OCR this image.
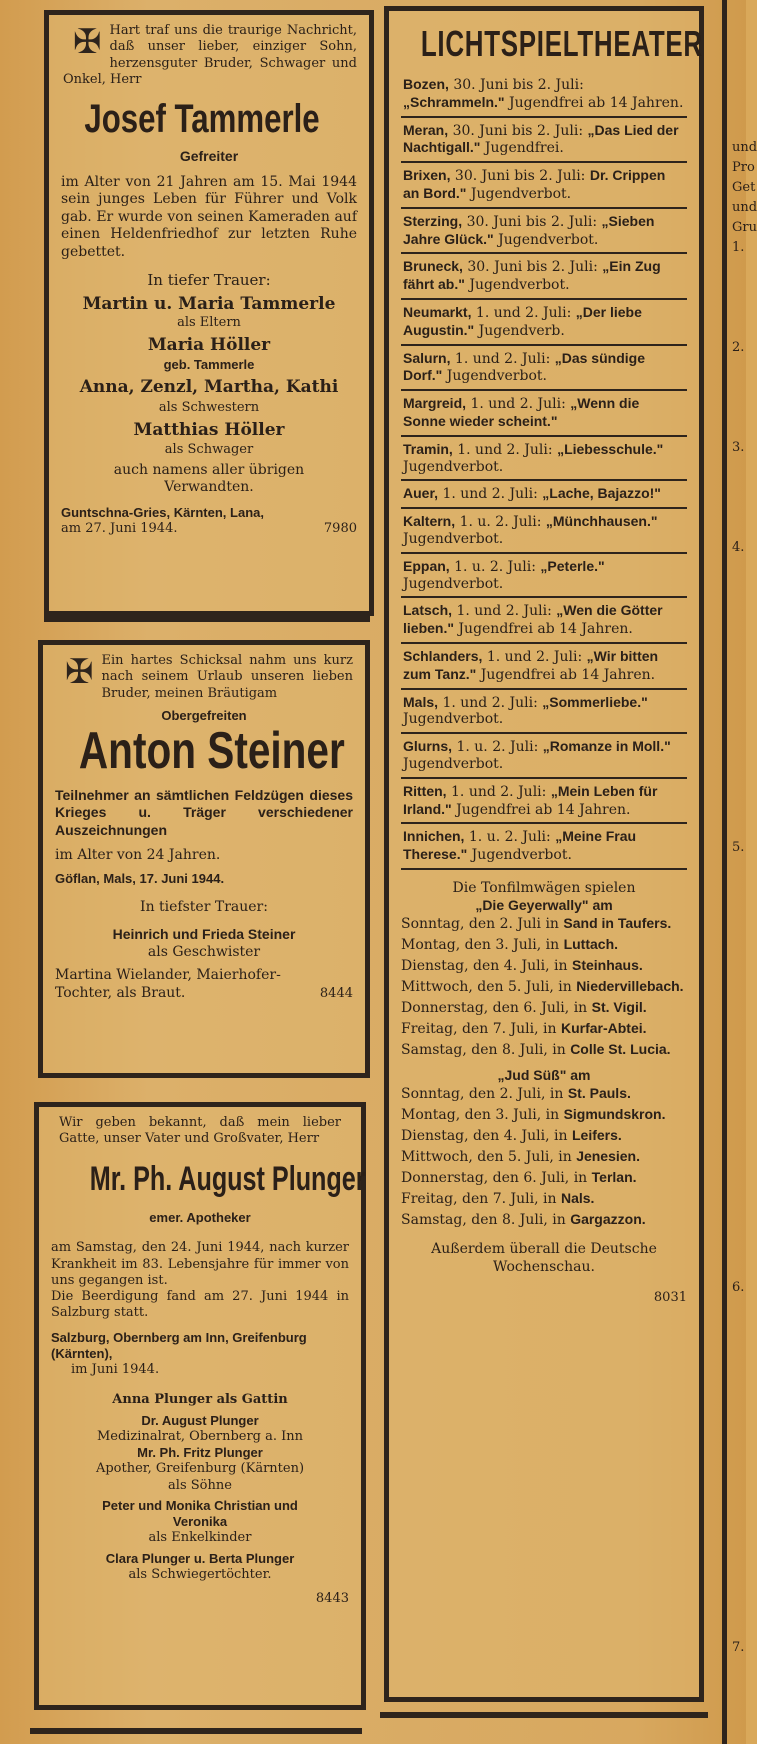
✠ Hart traf uns die traurige Nachricht, daß unser lieber, einziger Sohn, herzensguter Bruder, Schwager und Onkel, Herr
Josef Tammerle
Gefreiter
im Alter von 21 Jahren am 15. Mai 1944 sein junges Leben für Führer und Volk gab. Er wurde von seinen Kameraden auf einen Heldenfriedhof zur letzten Ruhe gebettet.
In tiefer Trauer:
Martin u. Maria Tammerle
als Eltern
Maria Höller
geb. Tammerle
Anna, Zenzl, Martha, Kathi
als Schwestern
Matthias Höller
als Schwager
auch namens aller übrigen Verwandten.
Guntschna-Gries, Kärnten, Lana,
am 27. Juni 1944.	7980
✠ Ein hartes Schicksal nahm uns kurz nach seinem Urlaub unseren lieben Bruder, meinen Bräutigam
Obergefreiten
Anton Steiner
Teilnehmer an sämtlichen Feldzügen dieses Krieges u. Träger verschiedener Auszeichnungen
im Alter von 24 Jahren.
Göflan, Mals, 17. Juni 1944.
In tiefster Trauer:
Heinrich und Frieda Steiner
als Geschwister
Martina Wielander, Maierhofer-Tochter, als Braut.	8444
Wir geben bekannt, daß mein lieber Gatte, unser Vater und Großvater, Herr
Mr. Ph. August Plunger
emer. Apotheker
am Samstag, den 24. Juni 1944, nach kurzer Krankheit im 83. Lebensjahre für immer von uns gegangen ist.
Die Beerdigung fand am 27. Juni 1944 in Salzburg statt.
Salzburg, Obernberg am Inn, Greifenburg (Kärnten),
im Juni 1944.
Anna Plunger als Gattin
Dr. August Plunger
Medizinalrat, Obernberg a. Inn
Mr. Ph. Fritz Plunger
Apother, Greifenburg (Kärnten)
als Söhne
Peter und Monika Christian und Veronika
als Enkelkinder
Clara Plunger u. Berta Plunger
als Schwiegertöchter.
8443
LICHTSPIELTHEATER
Bozen, 30. Juni bis 2. Juli: „Schrammeln." Jugendfrei ab 14 Jahren.
Meran, 30. Juni bis 2. Juli: „Das Lied der Nachtigall." Jugendfrei.
Brixen, 30. Juni bis 2. Juli: Dr. Crippen an Bord." Jugendverbot.
Sterzing, 30. Juni bis 2. Juli: „Sieben Jahre Glück." Jugendverbot.
Bruneck, 30. Juni bis 2. Juli: „Ein Zug fährt ab." Jugendverbot.
Neumarkt, 1. und 2. Juli: „Der liebe Augustin." Jugendverb.
Salurn, 1. und 2. Juli: „Das sündige Dorf." Jugendverbot.
Margreid, 1. und 2. Juli: „Wenn die Sonne wieder scheint."
Tramin, 1. und 2. Juli: „Liebesschule." Jugendverbot.
Auer, 1. und 2. Juli: „Lache, Bajazzo!"
Kaltern, 1. u. 2. Juli: „Münchhausen." Jugendverbot.
Eppan, 1. u. 2. Juli: „Peterle." Jugendverbot.
Latsch, 1. und 2. Juli: „Wen die Götter lieben." Jugendfrei ab 14 Jahren.
Schlanders, 1. und 2. Juli: „Wir bitten zum Tanz." Jugendfrei ab 14 Jahren.
Mals, 1. und 2. Juli: „Sommerliebe." Jugendverbot.
Glurns, 1. u. 2. Juli: „Romanze in Moll." Jugendverbot.
Ritten, 1. und 2. Juli: „Mein Leben für Irland." Jugendfrei ab 14 Jahren.
Innichen, 1. u. 2. Juli: „Meine Frau Therese." Jugendverbot.
Die Tonfilmwägen spielen
„Die Geyerwally" am
Sonntag, den 2. Juli in Sand in Taufers.
Montag, den 3. Juli, in Luttach.
Dienstag, den 4. Juli, in Steinhaus.
Mittwoch, den 5. Juli, in Niedervillebach.
Donnerstag, den 6. Juli, in St. Vigil.
Freitag, den 7. Juli, in Kurfar-Abtei.
Samstag, den 8. Juli, in Colle St. Lucia.
„Jud Süß" am
Sonntag, den 2. Juli, in St. Pauls.
Montag, den 3. Juli, in Sigmundskron.
Dienstag, den 4. Juli, in Leifers.
Mittwoch, den 5. Juli, in Jenesien.
Donnerstag, den 6. Juli, in Terlan.
Freitag, den 7. Juli, in Nals.
Samstag, den 8. Juli, in Gargazzon.
Außerdem überall die Deutsche Wochenschau.
8031
und
Pro
Get
und
Gru
1.
2.
3.
4.
5.
6.
7.
